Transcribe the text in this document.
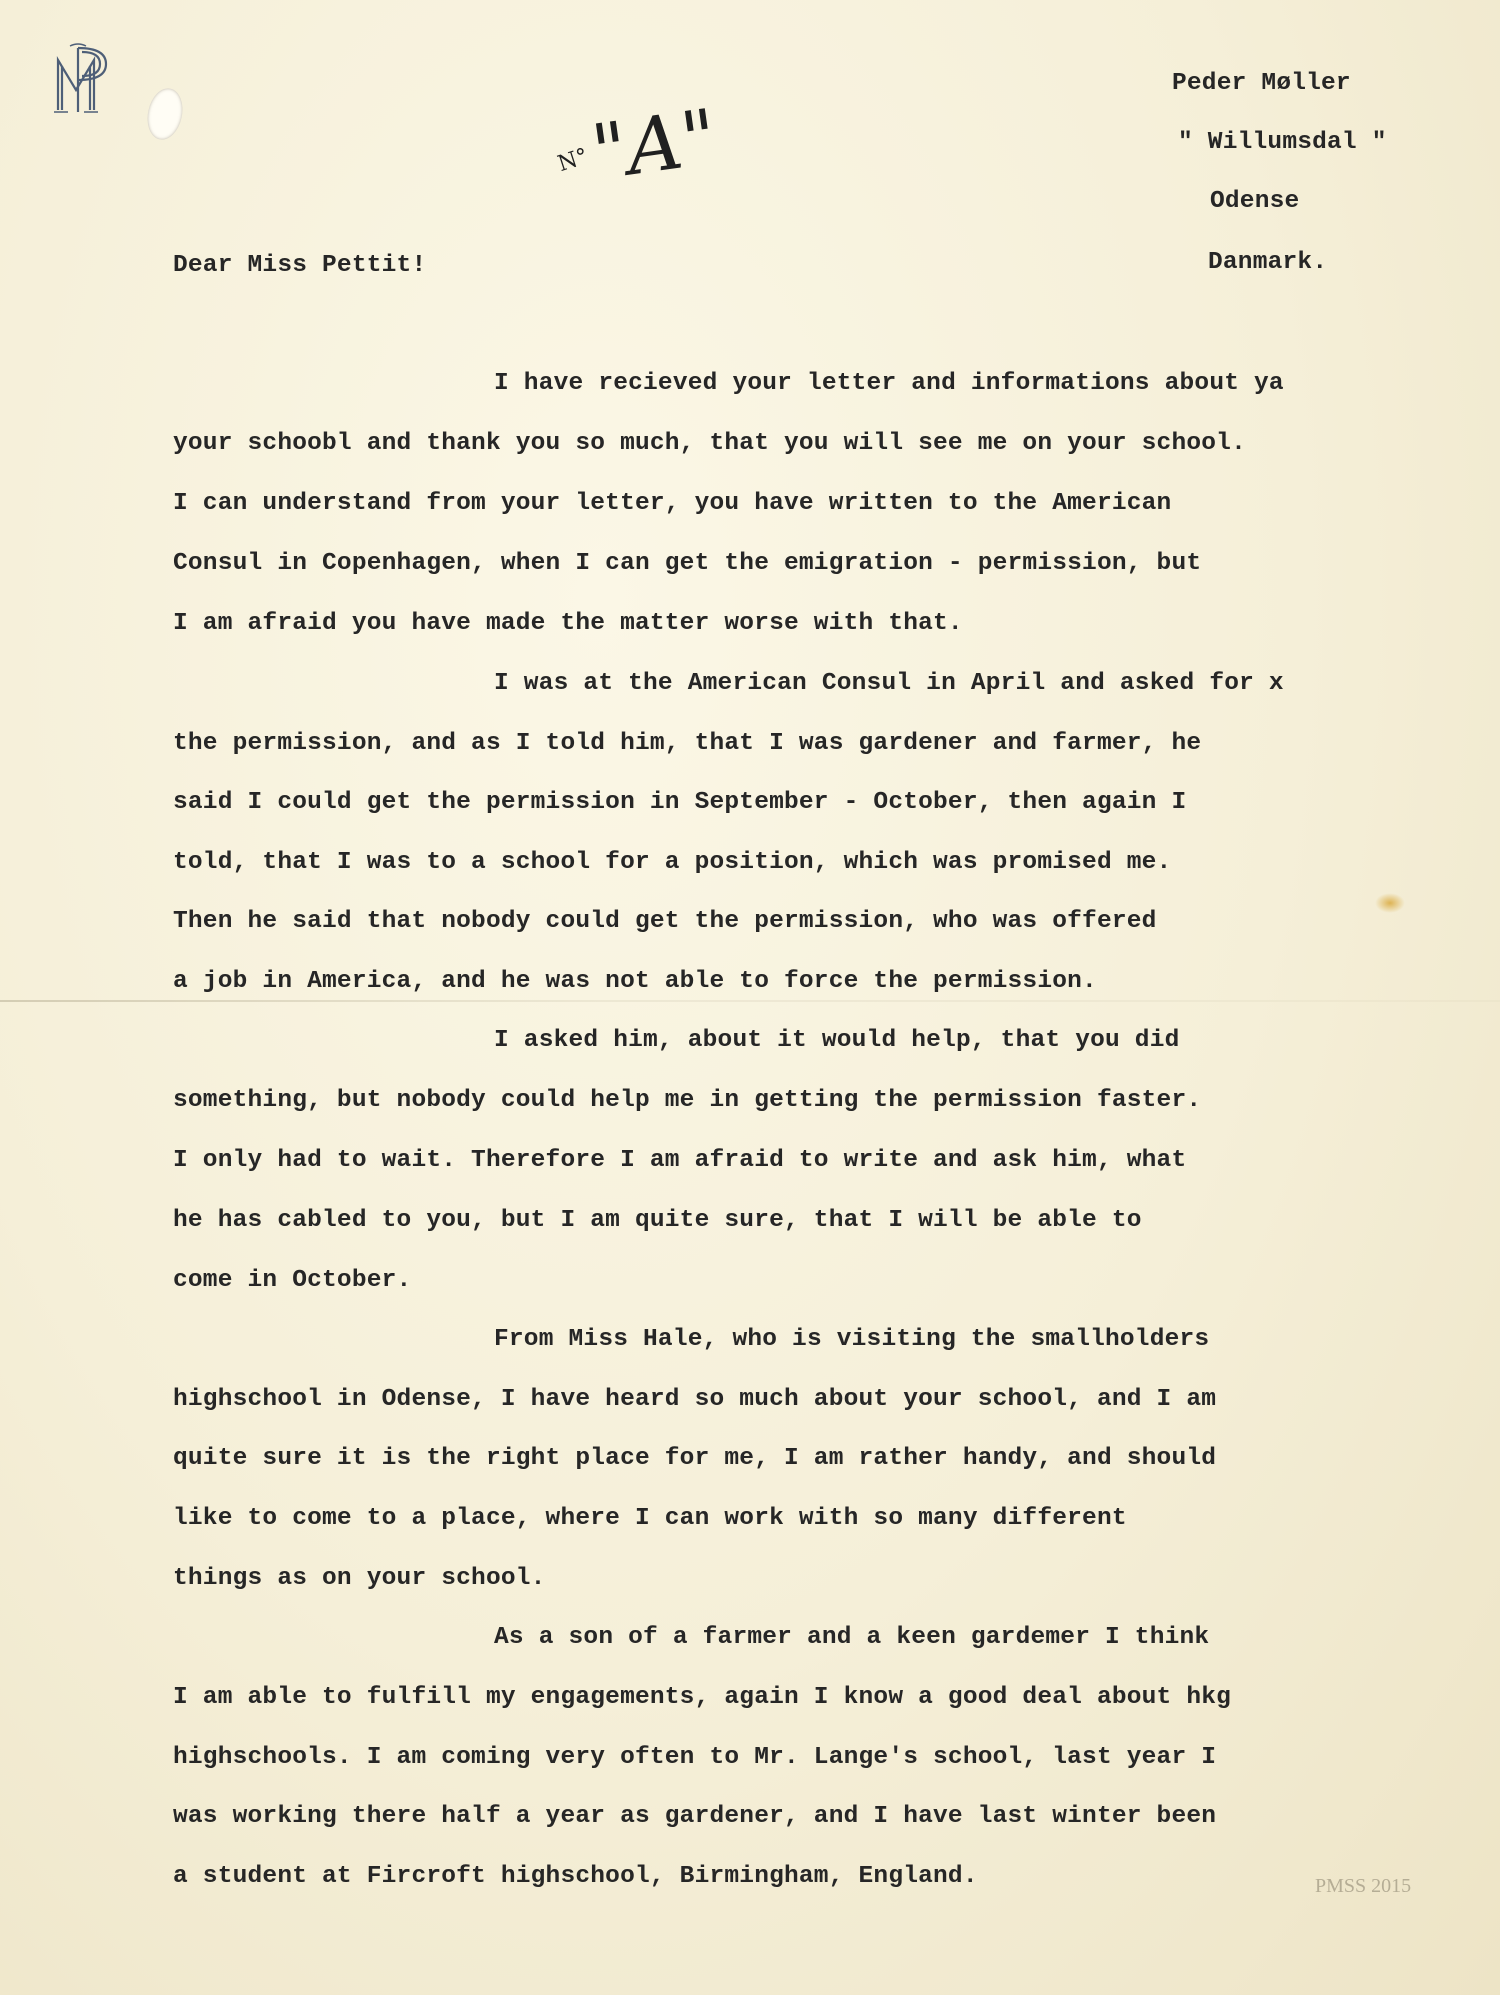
Peder Møller
" Willumsdal "
Odense
Danmark.
N°
"A"
Dear Miss Pettit!
I have recieved your letter and informations about ya
your schoobl and thank you so much, that you will see me on your school.
I can understand from your letter, you have written to the American
Consul in Copenhagen, when I can get the emigration - permission, but
I am afraid you have made the matter worse with that.
I was at the American Consul in April and asked for x
the permission, and as I told him, that I was gardener and farmer, he
said I could get the permission in September - October, then again I
told, that I was to a school for a position, which was promised me.
Then he said that nobody could get the permission, who was offered
a job in America, and he was not able to force the permission.
I asked him, about it would help, that you did
something, but nobody could help me in getting the permission faster.
I only had to wait. Therefore I am afraid to write and ask him, what
he has cabled to you, but I am quite sure, that I will be able to
come in October.
From Miss Hale, who is visiting the smallholders
highschool in Odense, I have heard so much about your school, and I am
quite sure it is the right place for me, I am rather handy, and should
like to come to a place, where I can work with so many different
things as on your school.
As a son of a farmer and a keen gardemer I think
I am able to fulfill my engagements, again I know a good deal about hkg
highschools. I am coming very often to Mr. Lange's school, last year I
was working there half a year as gardener, and I have last winter been
a student at Fircroft highschool, Birmingham, England.	PMSS 2015
